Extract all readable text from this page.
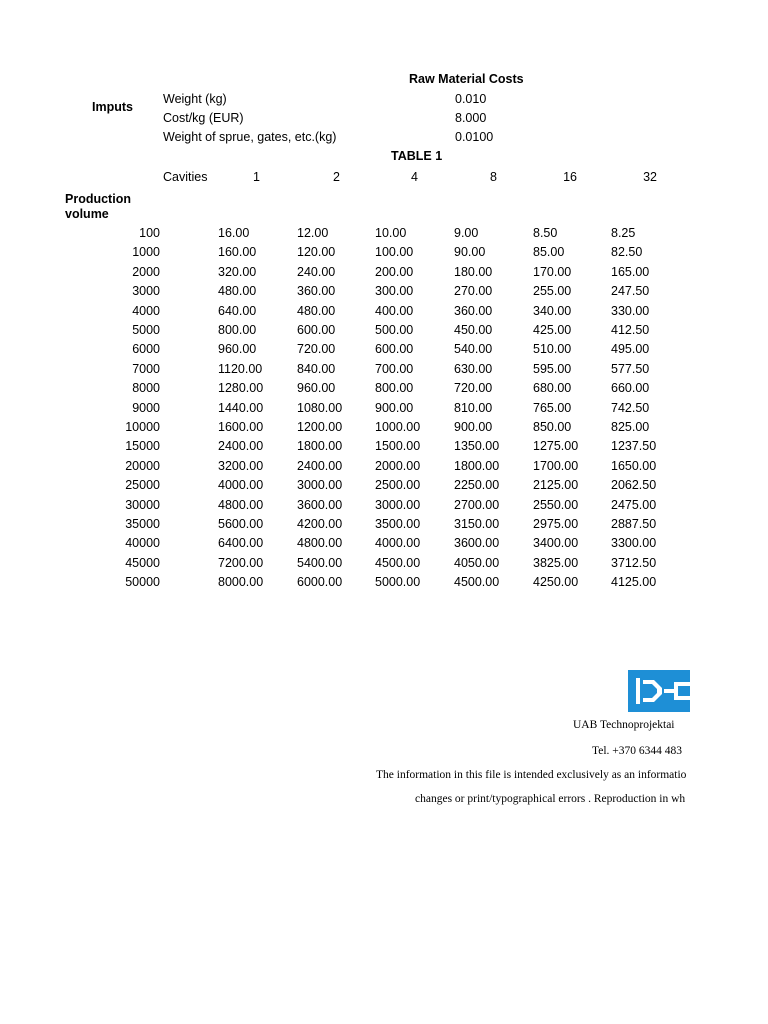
Raw Material Costs
Imputs
Weight (kg)	0.010
Cost/kg (EUR)	8.000
Weight of sprue, gates, etc.(kg)	0.0100
TABLE 1
Cavities	1	2	4	8	16	32
Production
volume
100	16.00	12.00	10.00	9.00	8.50	8.25
1000	160.00	120.00	100.00	90.00	85.00	82.50
2000	320.00	240.00	200.00	180.00	170.00	165.00
3000	480.00	360.00	300.00	270.00	255.00	247.50
4000	640.00	480.00	400.00	360.00	340.00	330.00
5000	800.00	600.00	500.00	450.00	425.00	412.50
6000	960.00	720.00	600.00	540.00	510.00	495.00
7000	1120.00	840.00	700.00	630.00	595.00	577.50
8000	1280.00	960.00	800.00	720.00	680.00	660.00
9000	1440.00	1080.00	900.00	810.00	765.00	742.50
10000	1600.00	1200.00	1000.00	900.00	850.00	825.00
15000	2400.00	1800.00	1500.00	1350.00	1275.00	1237.50
20000	3200.00	2400.00	2000.00	1800.00	1700.00	1650.00
25000	4000.00	3000.00	2500.00	2250.00	2125.00	2062.50
30000	4800.00	3600.00	3000.00	2700.00	2550.00	2475.00
35000	5600.00	4200.00	3500.00	3150.00	2975.00	2887.50
40000	6400.00	4800.00	4000.00	3600.00	3400.00	3300.00
45000	7200.00	5400.00	4500.00	4050.00	3825.00	3712.50
50000	8000.00	6000.00	5000.00	4500.00	4250.00	4125.00
UAB Technoprojektai
Tel. +370 6344 483
The information in this file is intended exclusively as an informatio
changes or print/typographical errors . Reproduction in wh
